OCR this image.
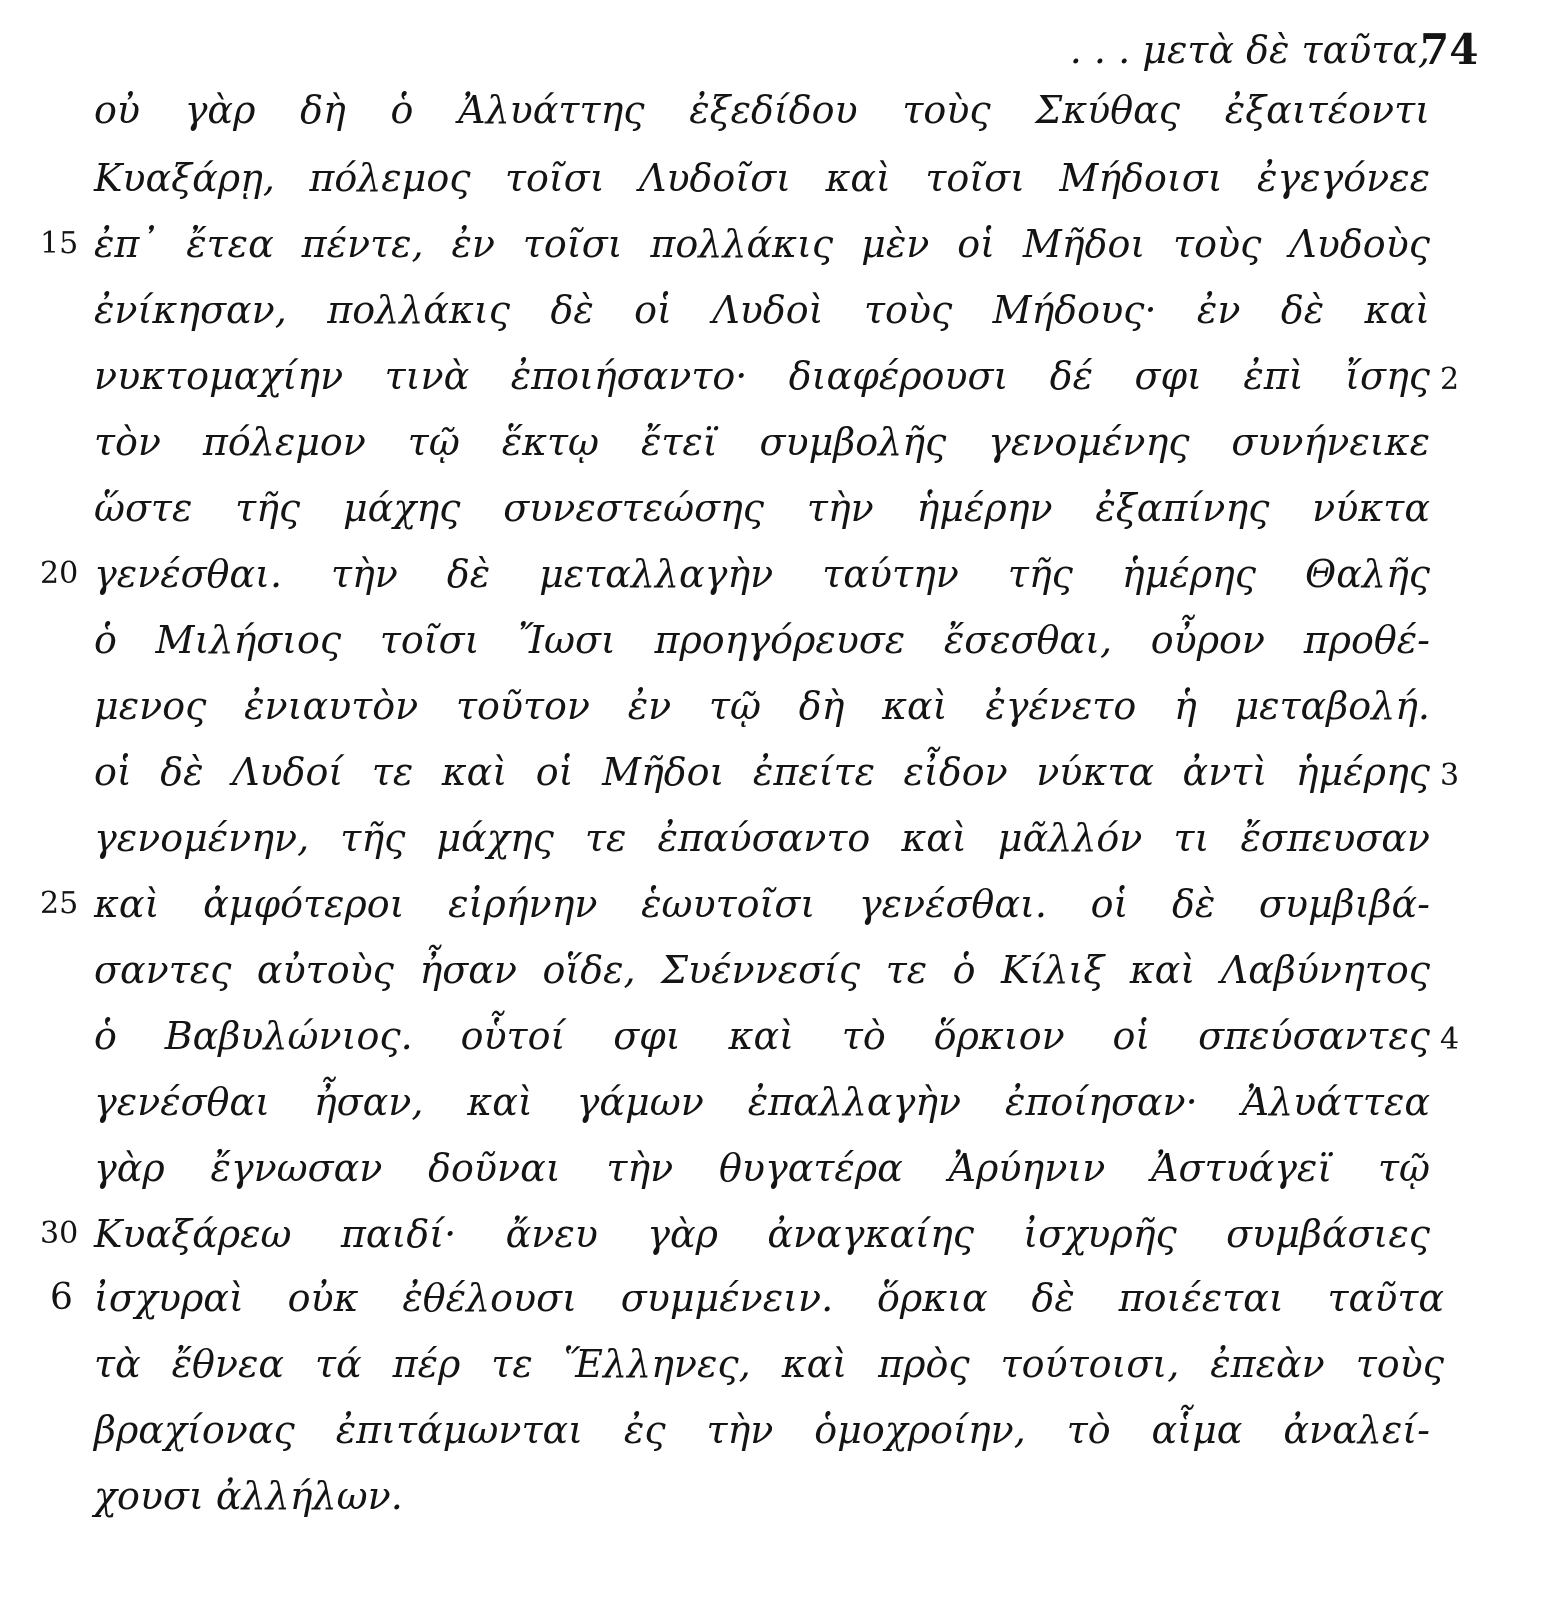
74
. . . μετὰ δὲ ταῦτα,
οὐ γὰρ δὴ ὁ Ἀλυάττης ἐξεδίδου τοὺς Σκύθας ἐξαιτέοντι
Κυαξάρῃ, πόλεμος τοῖσι Λυδοῖσι καὶ τοῖσι Μήδοισι ἐγεγόνεε
15 ἐπ᾽ ἔτεα πέντε, ἐν τοῖσι πολλάκις μὲν οἱ Μῆδοι τοὺς Λυδοὺς
ἐνίκησαν, πολλάκις δὲ οἱ Λυδοὶ τοὺς Μήδους· ἐν δὲ καὶ
νυκτομαχίην τινὰ ἐποιήσαντο· διαφέρουσι δέ σφι ἐπὶ ἴσης 2
τὸν πόλεμον τῷ ἕκτῳ ἔτεϊ συμβολῆς γενομένης συνήνεικε
ὥστε τῆς μάχης συνεστεώσης τὴν ἡμέρην ἐξαπίνης νύκτα
20 γενέσθαι. τὴν δὲ μεταλλαγὴν ταύτην τῆς ἡμέρης Θαλῆς
ὁ Μιλήσιος τοῖσι Ἴωσι προηγόρευσε ἔσεσθαι, οὖρον προθέ-
μενος ἐνιαυτὸν τοῦτον ἐν τῷ δὴ καὶ ἐγένετο ἡ μεταβολή.
οἱ δὲ Λυδοί τε καὶ οἱ Μῆδοι ἐπείτε εἶδον νύκτα ἀντὶ ἡμέρης 3
γενομένην, τῆς μάχης τε ἐπαύσαντο καὶ μᾶλλόν τι ἔσπευσαν
25 καὶ ἀμφότεροι εἰρήνην ἑωυτοῖσι γενέσθαι. οἱ δὲ συμβιβά-
σαντες αὐτοὺς ἦσαν οἵδε, Συέννεσίς τε ὁ Κίλιξ καὶ Λαβύνητος
ὁ Βαβυλώνιος. οὗτοί σφι καὶ τὸ ὅρκιον οἱ σπεύσαντες 4
γενέσθαι ἦσαν, καὶ γάμων ἐπαλλαγὴν ἐποίησαν· Ἀλυάττεα
γὰρ ἔγνωσαν δοῦναι τὴν θυγατέρα Ἀρύηνιν Ἀστυάγεϊ τῷ
30 Κυαξάρεω παιδί· ἄνευ γὰρ ἀναγκαίης ἰσχυρῆς συμβάσιες
6 ἰσχυραὶ οὐκ ἐθέλουσι συμμένειν. ὅρκια δὲ ποιέεται ταῦτα
τὰ ἔθνεα τά πέρ τε Ἕλληνες, καὶ πρὸς τούτοισι, ἐπεὰν τοὺς
βραχίονας ἐπιτάμωνται ἐς τὴν ὁμοχροίην, τὸ αἷμα ἀναλεί-
χουσι ἀλλήλων.
